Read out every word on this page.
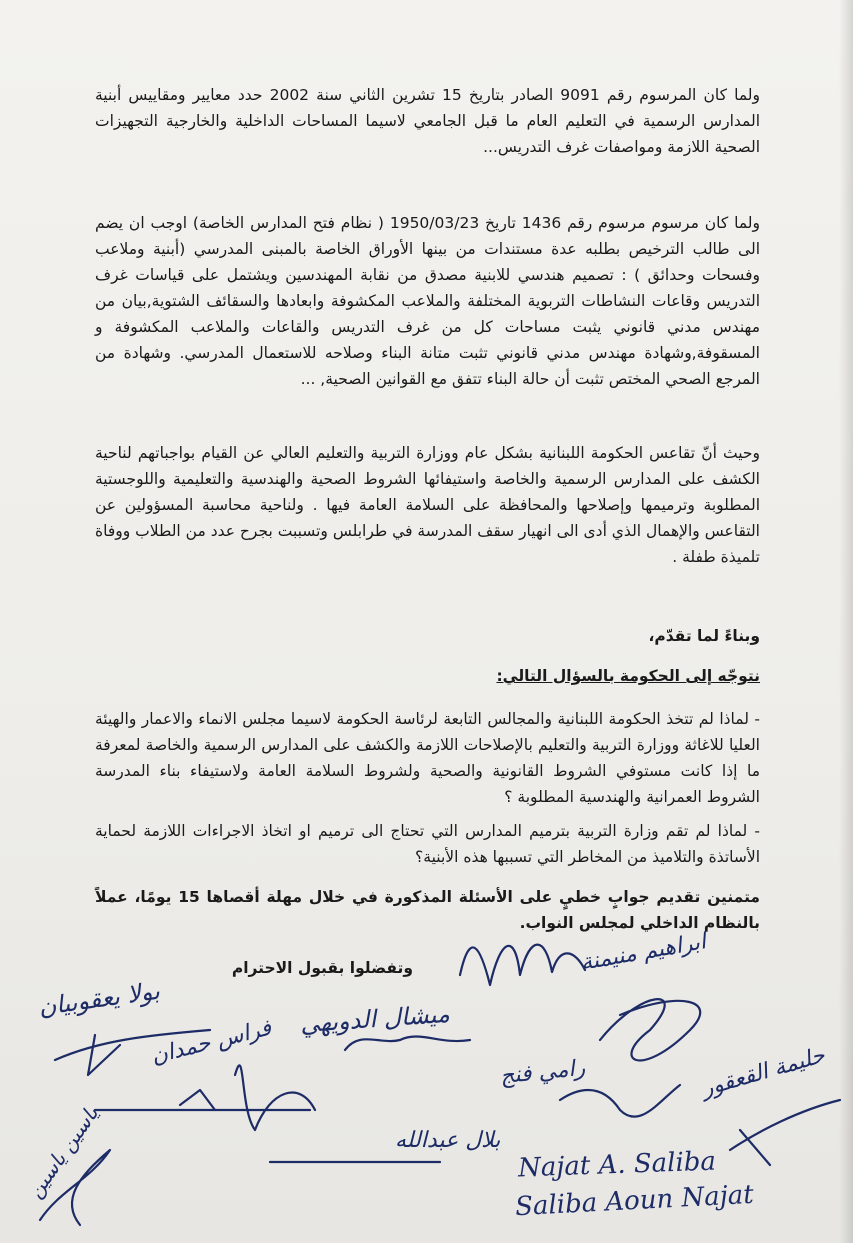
ولما كان المرسوم رقم 9091 الصادر بتاريخ 15 تشرين الثاني سنة 2002 حدد معايير ومقاييس أبنية المدارس الرسمية في التعليم العام ما قبل الجامعي لاسيما المساحات الداخلية والخارجية التجهيزات الصحية اللازمة ومواصفات غرف التدريس...
ولما كان مرسوم مرسوم رقم 1436 تاريخ 1950/03/23 ( نظام فتح المدارس الخاصة) اوجب ان يضم الى طالب الترخيص بطلبه عدة مستندات من بينها الأوراق الخاصة بالمبنى المدرسي (أبنية وملاعب وفسحات وحدائق ) : تصميم هندسي للابنية مصدق من نقابة المهندسين ويشتمل على قياسات غرف التدريس وقاعات النشاطات التربوية المختلفة والملاعب المكشوفة وابعادها والسقائف الشتوية,بيان من مهندس مدني قانوني يثبت مساحات كل من غرف التدريس والقاعات والملاعب المكشوفة و المسقوفة,وشهادة مهندس مدني قانوني تثبت متانة البناء وصلاحه للاستعمال المدرسي. وشهادة من المرجع الصحي المختص تثبت أن حالة البناء تتفق مع القوانين الصحية, ...
وحيث أنّ تقاعس الحكومة اللبنانية بشكل عام ووزارة التربية والتعليم العالي عن القيام بواجباتهم لناحية الكشف على المدارس الرسمية والخاصة واستيفائها الشروط الصحية والهندسية والتعليمية واللوجستية المطلوبة وترميمها وإصلاحها والمحافظة على السلامة العامة فيها . ولناحية محاسبة المسؤولين عن التقاعس والإهمال الذي أدى الى انهيار سقف المدرسة في طرابلس وتسببت بجرح عدد من الطلاب ووفاة تلميذة طفلة .
وبناءً لما تقدّم،
نتوجّه إلى الحكومة بالسؤال التالي:
- لماذا لم تتخذ الحكومة اللبنانية والمجالس التابعة لرئاسة الحكومة لاسيما مجلس الانماء والاعمار والهيئة العليا للاغاثة ووزارة التربية والتعليم بالإصلاحات اللازمة والكشف على المدارس الرسمية والخاصة لمعرفة ما إذا كانت مستوفي الشروط القانونية والصحية ولشروط السلامة العامة ولاستيفاء بناء المدرسة الشروط العمرانية والهندسية المطلوبة ؟
- لماذا لم تقم وزارة التربية بترميم المدارس التي تحتاج الى ترميم او اتخاذ الاجراءات اللازمة لحماية الأساتذة والتلاميذ من المخاطر التي تسببها هذه الأبنية؟
متمنين تقديم جوابٍ خطيٍ على الأسئلة المذكورة في خلال مهلة أقصاها 15 يومًا، عملاً بالنظام الداخلي لمجلس النواب.
وتفضلوا بقبول الاحترام
بولا يعقوبيان
فراس حمدان ميشال الدويهي
ابراهيم منيمنة
رامي فنج	حليمة القعقور
بلال عبدالله
ياسين ياسين	Najat A. Saliba
Saliba Aoun Najat
